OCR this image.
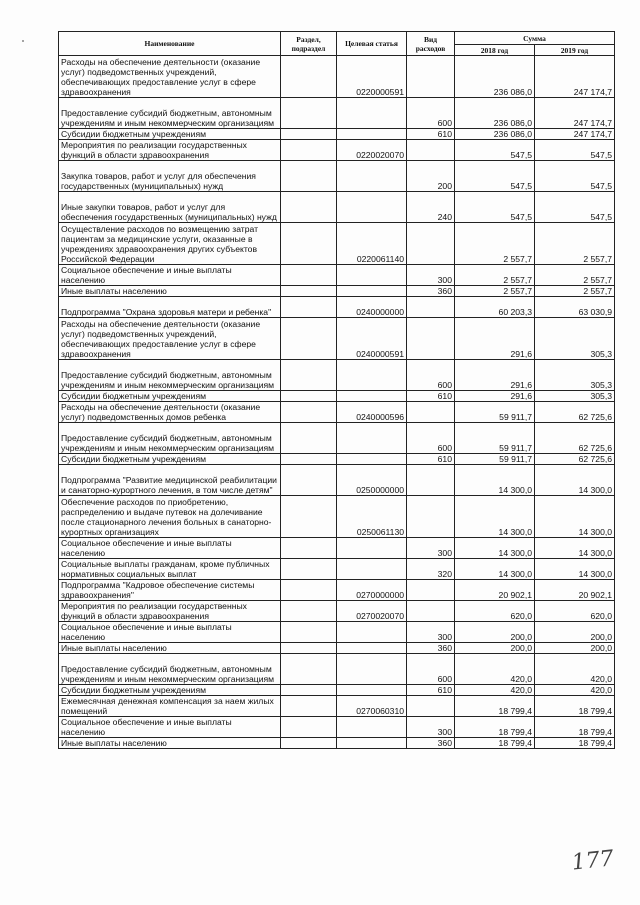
Наименование	Раздел, подраздел	Целевая статья	Вид расходов	Сумма	
				2018 год	2019 год
Расходы на обеспечение деятельности (оказание услуг) подведомственных учреждений, обеспечивающих предоставление услуг в сфере здравоохранения		0220000591		236 086,0	247 174,7
Предоставление субсидий бюджетным, автономным учреждениям и иным некоммерческим организациям			600	236 086,0	247 174,7
Субсидии бюджетным учреждениям			610	236 086,0	247 174,7
Мероприятия по реализации государственных функций в области здравоохранения		0220020070		547,5	547,5
Закупка товаров, работ и услуг для обеспечения государственных (муниципальных) нужд			200	547,5	547,5
Иные закупки товаров, работ и услуг для обеспечения государственных (муниципальных) нужд			240	547,5	547,5
Осуществление расходов по возмещению затрат пациентам за медицинские услуги, оказанные в учреждениях здравоохранения других субъектов Российской Федерации		0220061140		2 557,7	2 557,7
Социальное обеспечение и иные выплаты населению			300	2 557,7	2 557,7
Иные выплаты населению			360	2 557,7	2 557,7
Подпрограмма "Охрана здоровья матери и ребенка"		0240000000		60 203,3	63 030,9
Расходы на обеспечение деятельности (оказание услуг) подведомственных учреждений, обеспечивающих предоставление услуг в сфере здравоохранения		0240000591		291,6	305,3
Предоставление субсидий бюджетным, автономным учреждениям и иным некоммерческим организациям			600	291,6	305,3
Субсидии бюджетным учреждениям			610	291,6	305,3
Расходы на обеспечение деятельности (оказание услуг) подведомственных домов ребенка		0240000596		59 911,7	62 725,6
Предоставление субсидий бюджетным, автономным учреждениям и иным некоммерческим организациям			600	59 911,7	62 725,6
Субсидии бюджетным учреждениям			610	59 911,7	62 725,6
Подпрограмма "Развитие медицинской реабилитации и санаторно-курортного лечения, в том числе детям"		0250000000		14 300,0	14 300,0
Обеспечение расходов по приобретению, распределению и выдаче путевок на долечивание после стационарного лечения больных в санаторно-курортных организациях		0250061130		14 300,0	14 300,0
Социальное обеспечение и иные выплаты населению			300	14 300,0	14 300,0
Социальные выплаты гражданам, кроме публичных нормативных социальных выплат			320	14 300,0	14 300,0
Подпрограмма "Кадровое обеспечение системы здравоохранения"		0270000000		20 902,1	20 902,1
Мероприятия по реализации государственных функций в области здравоохранения		0270020070		620,0	620,0
Социальное обеспечение и иные выплаты населению			300	200,0	200,0
Иные выплаты населению			360	200,0	200,0
Предоставление субсидий бюджетным, автономным учреждениям и иным некоммерческим организациям			600	420,0	420,0
Субсидии бюджетным учреждениям			610	420,0	420,0
Ежемесячная денежная компенсация за наем жилых помещений		0270060310		18 799,4	18 799,4
Социальное обеспечение и иные выплаты населению			300	18 799,4	18 799,4
Иные выплаты населению			360	18 799,4	18 799,4
177
